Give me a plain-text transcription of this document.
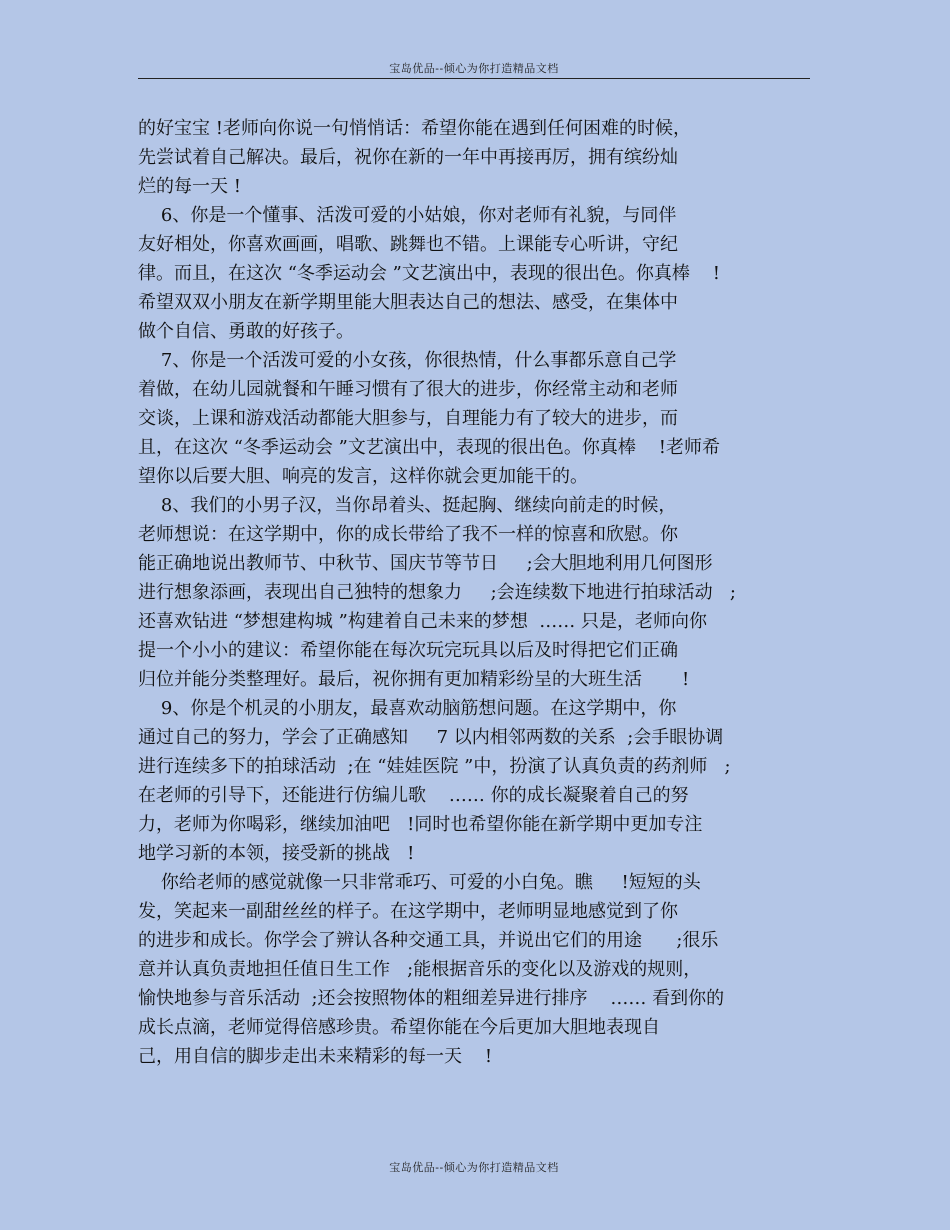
宝岛优品--倾心为你打造精品文档

的好宝宝 !老师向你说一句悄悄话：希望你能在遇到任何困难的时候，

先尝试着自己解决。最后，祝你在新的一年中再接再厉，拥有缤纷灿

烂的每一天 !

6、你是一个懂事、活泼可爱的小姑娘，你对老师有礼貌，与同伴

友好相处，你喜欢画画，唱歌、跳舞也不错。上课能专心听讲，守纪

律。而且，在这次 “冬季运动会 ”文艺演出中，表现的很出色。你真棒    !

希望双双小朋友在新学期里能大胆表达自己的想法、感受，在集体中

做个自信、勇敢的好孩子。

7、你是一个活泼可爱的小女孩，你很热情，什么事都乐意自己学

着做，在幼儿园就餐和午睡习惯有了很大的进步，你经常主动和老师

交谈，上课和游戏活动都能大胆参与，自理能力有了较大的进步，而

且，在这次 “冬季运动会 ”文艺演出中，表现的很出色。你真棒    !老师希

望你以后要大胆、响亮的发言，这样你就会更加能干的。

8、我们的小男子汉，当你昂着头、挺起胸、继续向前走的时候，

老师想说：在这学期中，你的成长带给了我不一样的惊喜和欣慰。你

能正确地说出教师节、中秋节、国庆节等节日     ;会大胆地利用几何图形

进行想象添画，表现出自己独特的想象力     ;会连续数下地进行拍球活动   ;

还喜欢钻进 “梦想建构城 ”构建着自己未来的梦想  …… 只是，老师向你

提一个小小的建议：希望你能在每次玩完玩具以后及时得把它们正确

归位并能分类整理好。最后，祝你拥有更加精彩纷呈的大班生活       !

9、你是个机灵的小朋友，最喜欢动脑筋想问题。在这学期中，你

通过自己的努力，学会了正确感知     7 以内相邻两数的关系  ;会手眼协调

进行连续多下的拍球活动  ;在 “娃娃医院 ”中，扮演了认真负责的药剂师   ;

在老师的引导下，还能进行仿编儿歌    …… 你的成长凝聚着自己的努

力，老师为你喝彩，继续加油吧   !同时也希望你能在新学期中更加专注

地学习新的本领，接受新的挑战   !

你给老师的感觉就像一只非常乖巧、可爱的小白兔。瞧     !短短的头

发，笑起来一副甜丝丝的样子。在这学期中，老师明显地感觉到了你

的进步和成长。你学会了辨认各种交通工具，并说出它们的用途      ;很乐

意并认真负责地担任值日生工作   ;能根据音乐的变化以及游戏的规则，

愉快地参与音乐活动  ;还会按照物体的粗细差异进行排序    …… 看到你的

成长点滴，老师觉得倍感珍贵。希望你能在今后更加大胆地表现自

己，用自信的脚步走出未来精彩的每一天    !

宝岛优品--倾心为你打造精品文档
